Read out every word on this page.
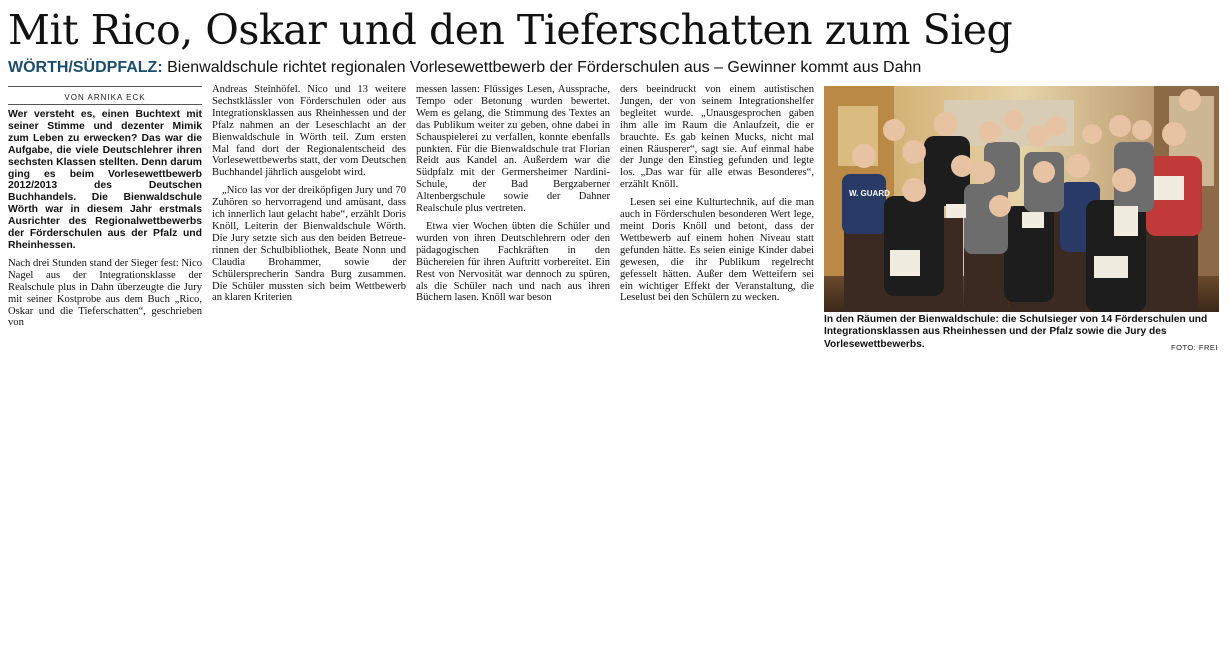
Mit Rico, Oskar und den Tieferschatten zum Sieg
WÖRTH/SÜDPFALZ: Bienwaldschule richtet regionalen Vorlesewettbewerb der Förderschulen aus – Gewinner kommt aus Dahn
VON ARNIKA ECK

Wer versteht es, einen Buchtext mit seiner Stimme und dezenter Mimik zum Leben zu erwecken? Das war die Aufgabe, die viele Deutschlehrer ihren sechsten Klassen stellten. Denn darum ging es beim Vorlesewettbewerb 2012/2013 des Deutschen Buchhandels. Die Bienwaldschule Wörth war in diesem Jahr erstmals Ausrichter des Regionalwettbewerbs der Förderschulen aus der Pfalz und Rheinhessen.

Nach drei Stunden stand der Sieger fest: Nico Nagel aus der Integrationsklasse der Realschule plus in Dahn überzeugte die Jury mit seiner Kostprobe aus dem Buch „Rico, Oskar und die Tieferschatten“, geschrieben von

Andreas Steinhöfel. Nico und 13 weitere Sechstklässler von Förderschulen oder aus Integrationsklassen aus Rheinhessen und der Pfalz nahmen an der Leseschlacht an der Bienwaldschule in Wörth teil. Zum ersten Mal fand dort der Regionalentscheid des Vorlesewettbewerbs statt, der vom Deutschen Buchhandel jährlich ausgelobt wird.

„Nico las vor der dreiköpfigen Jury und 70 Zuhören so hervorragend und amüsant, dass ich innerlich laut gelacht habe“, erzählt Doris Knöll, Leiterin der Bienwaldschule Wörth. Die Jury setzte sich aus den beiden Betreuerinnen der Schulbibliothek, Beate Nonn und Claudia Brohammer, sowie der Schülersprecherin Sandra Burg zusammen. Die Schüler mussten sich beim Wettbewerb an klaren Kriterien

messen lassen: Flüssiges Lesen, Aussprache, Tempo oder Betonung wurden bewertet. Wem es gelang, die Stimmung des Textes an das Publikum weiter zu geben, ohne dabei in Schauspielerei zu verfallen, konnte ebenfalls punkten. Für die Bienwaldschule trat Florian Reidt aus Kandel an. Außerdem war die Südpfalz mit der Germersheimer Nardini-Schule, der Bad Bergzaberner Altenbergschule sowie der Dahner Realschule plus vertreten.

Etwa vier Wochen übten die Schüler und wurden von ihren Deutschlehrern oder den pädagogischen Fachkräften in den Büchereien für ihren Auftritt vorbereitet. Ein Rest von Nervosität war dennoch zu spüren, als die Schüler nach und nach aus ihren Büchern lasen. Knöll war beson

ders beeindruckt von einem autistischen Jungen, der von seinem Integrationshelfer begleitet wurde. „Unausgesprochen gaben ihm alle im Raum die Anlaufzeit, die er brauchte. Es gab keinen Mucks, nicht mal einen Räusperer“, sagt sie. Auf einmal habe der Junge den Einstieg gefunden und legte los. „Das war für alle etwas Besonderes“, erzählt Knöll.

Lesen sei eine Kulturtechnik, auf die man auch in Förderschulen besonderen Wert lege, meint Doris Knöll und betont, dass der Wettbewerb auf einem hohen Niveau statt gefunden hätte. Es seien einige Kinder dabei gewesen, die ihr Publikum regelrecht gefesselt hätten. Außer dem Wetteifern sei ein wichtiger Effekt der Veranstaltung, die Leselust bei den Schülern zu wecken.

W. GUARD
In den Räumen der Bienwaldschule: die Schulsieger von 14 Förderschulen und Integrationsklassen aus Rheinhessen und der Pfalz sowie die Jury des Vorlesewettbewerbs.	FOTO: FREI
